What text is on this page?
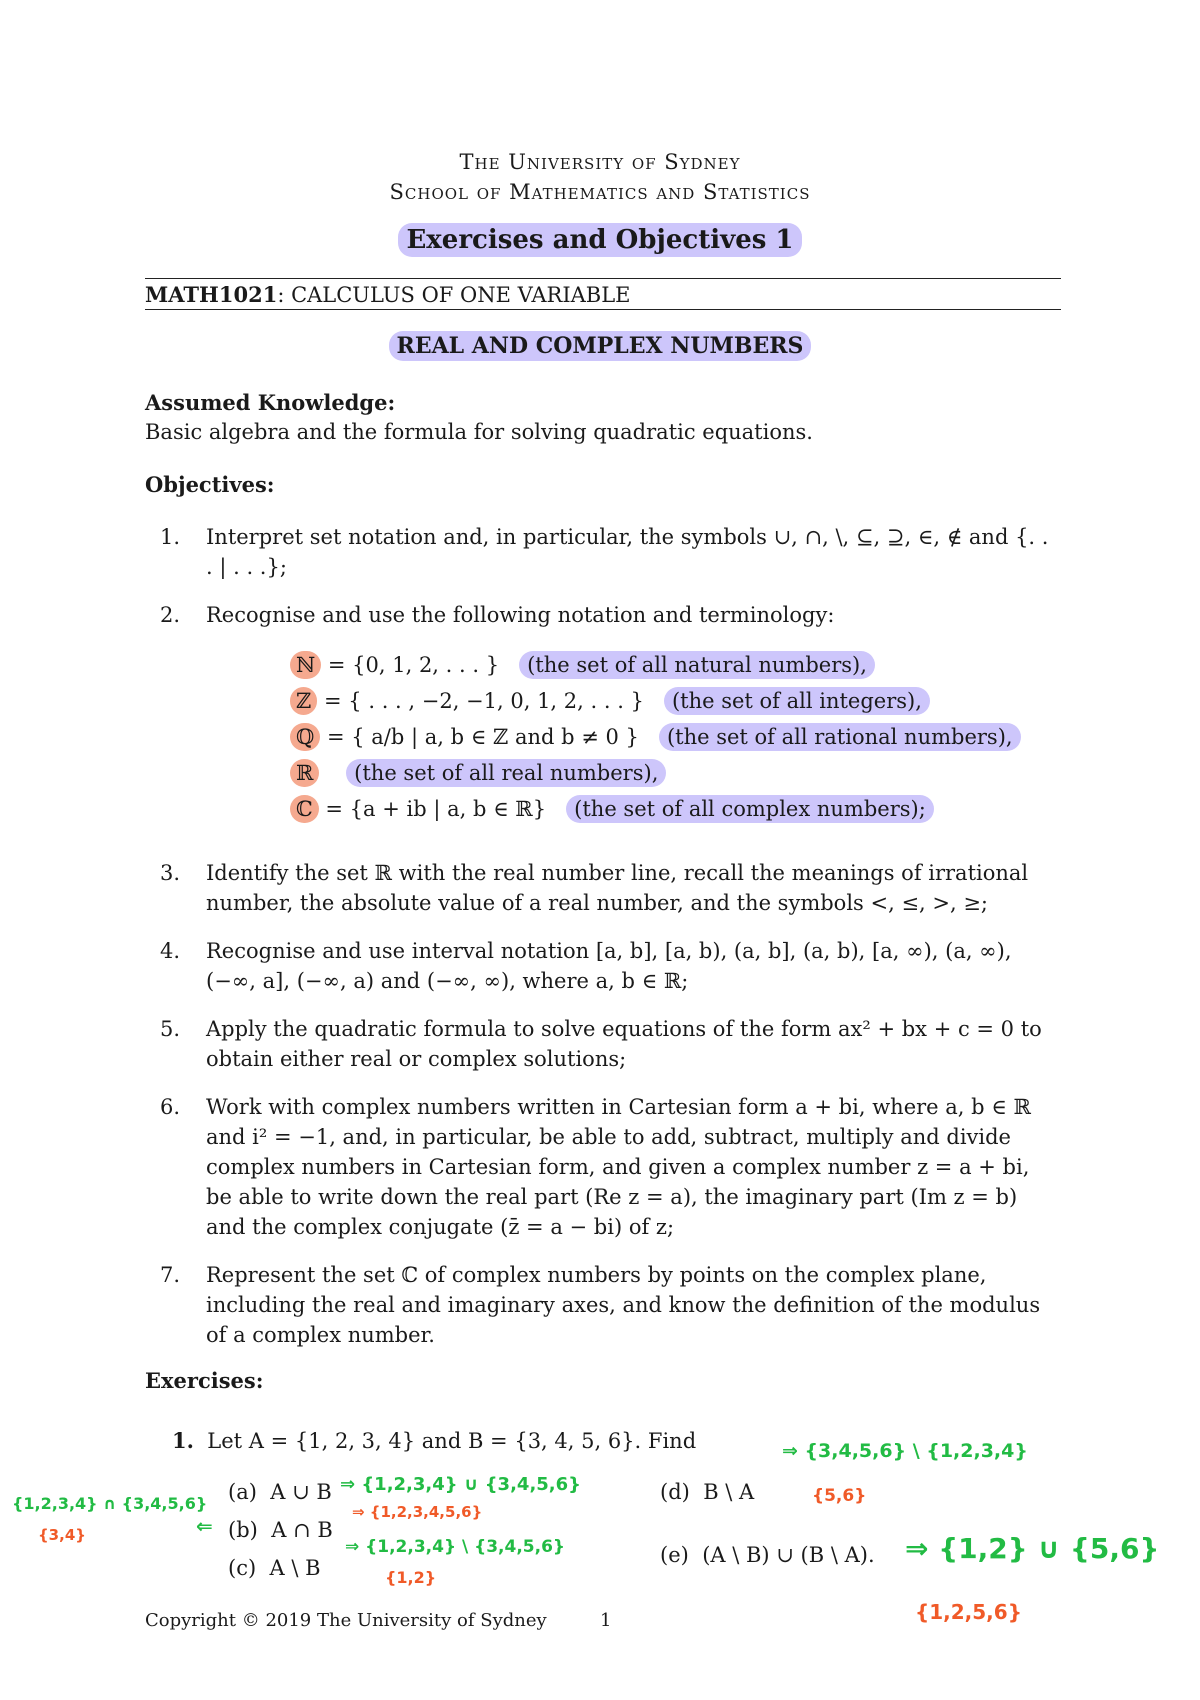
The University of Sydney
School of Mathematics and Statistics
Exercises and Objectives 1
MATH1021: CALCULUS OF ONE VARIABLE
REAL AND COMPLEX NUMBERS
Assumed Knowledge:
Basic algebra and the formula for solving quadratic equations.
Objectives:
1.	Interpret set notation and, in particular, the symbols ∪, ∩, \, ⊆, ⊇, ∈, ∉ and {. . . | . . .};
2.	Recognise and use the following notation and terminology:
ℕ = {0, 1, 2, . . . } (the set of all natural numbers),
ℤ = { . . . , −2, −1, 0, 1, 2, . . . } (the set of all integers),
ℚ = { a/b | a, b ∈ ℤ and b ≠ 0 } (the set of all rational numbers),
ℝ (the set of all real numbers),
ℂ = {a + ib | a, b ∈ ℝ} (the set of all complex numbers);
3.	Identify the set ℝ with the real number line, recall the meanings of irrational number, the absolute value of a real number, and the symbols <, ≤, >, ≥;
4.	Recognise and use interval notation [a, b], [a, b), (a, b], (a, b), [a, ∞), (a, ∞), (−∞, a], (−∞, a) and (−∞, ∞), where a, b ∈ ℝ;
5.	Apply the quadratic formula to solve equations of the form ax² + bx + c = 0 to obtain either real or complex solutions;
6.	Work with complex numbers written in Cartesian form a + bi, where a, b ∈ ℝ and i² = −1, and, in particular, be able to add, subtract, multiply and divide complex numbers in Cartesian form, and given a complex number z = a + bi, be able to write down the real part (Re z = a), the imaginary part (Im z = b) and the complex conjugate (z̄ = a − bi) of z;
7.	Represent the set ℂ of complex numbers by points on the complex plane, including the real and imaginary axes, and know the definition of the modulus of a complex number.
Exercises:
1. Let A = {1, 2, 3, 4} and B = {3, 4, 5, 6}. Find
(a) A ∪ B
(b) A ∩ B
(c) A \ B
(d) B \ A
(e) (A \ B) ∪ (B \ A).
⇒ {1,2,3,4} ∪ {3,4,5,6}
⇒ {1,2,3,4,5,6}
{1,2,3,4} ∩ {3,4,5,6}
{3,4}	⇐
⇒ {1,2,3,4} \ {3,4,5,6}
{1,2}
⇒ {3,4,5,6} \ {1,2,3,4}
{5,6}
⇒ {1,2} ∪ {5,6}
{1,2,5,6}
Copyright © 2019 The University of Sydney	1
